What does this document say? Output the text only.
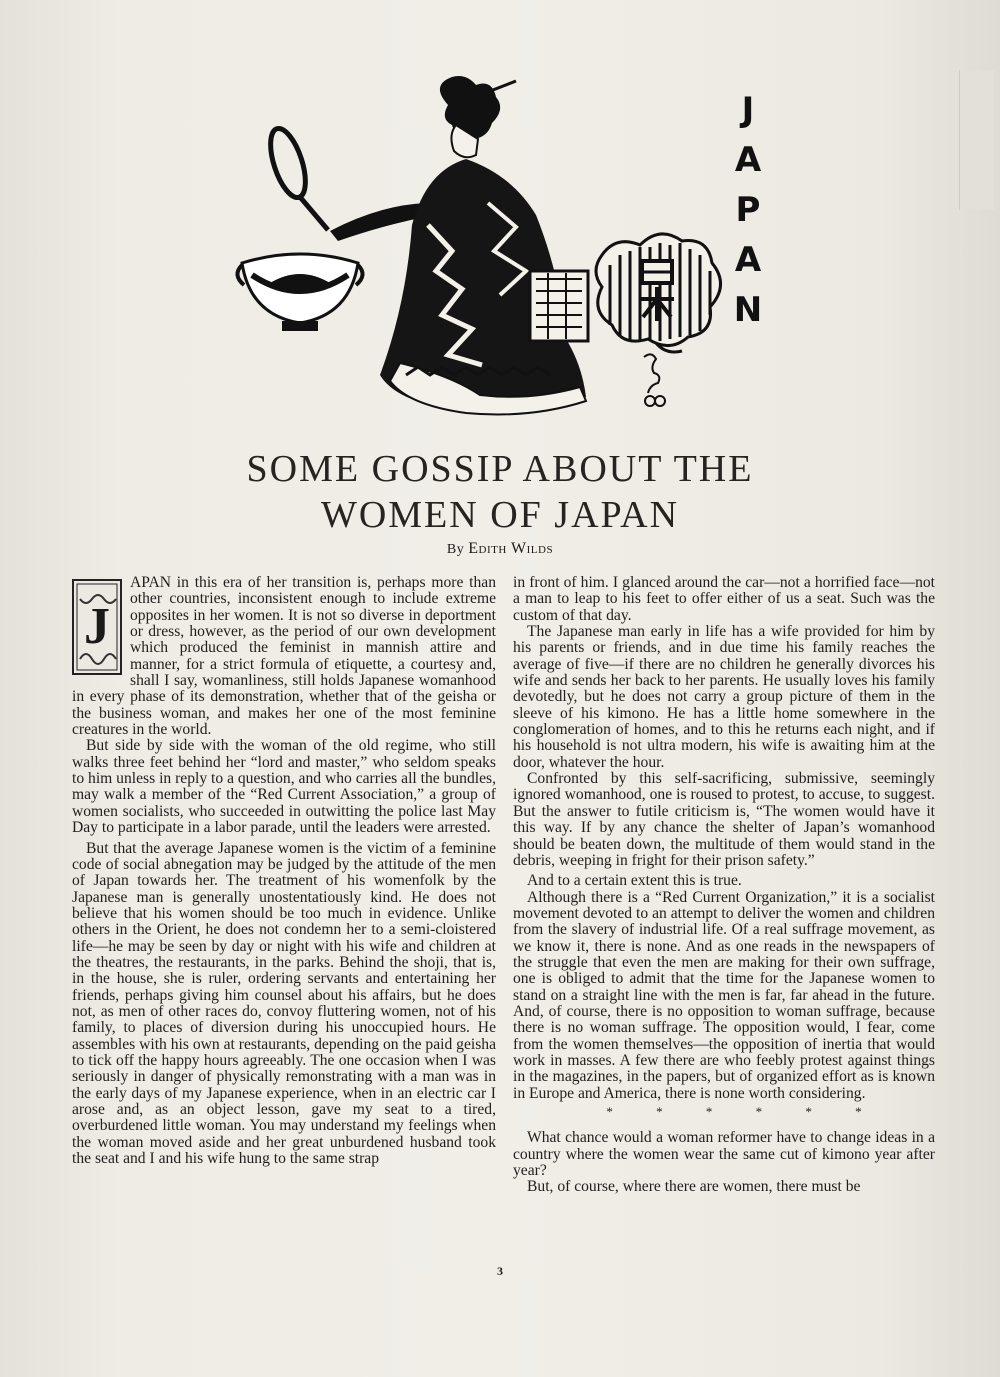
J
A
P
A
N
SOME GOSSIP ABOUT THE
WOMEN OF JAPAN
By Edith Wilds
J

APAN in this era of her transition is, perhaps more than other countries, inconsistent enough to include extreme opposites in her women. It is not so diverse in deportment or dress, however, as the period of our own development which produced the feminist in mannish attire and manner, for a strict formula of etiquette, a courtesy and, shall I say, womanliness, still holds Japanese womanhood in every phase of its demonstration, whether that of the geisha or the business woman, and makes her one of the most feminine creatures in the world.

But side by side with the woman of the old regime, who still walks three feet behind her “lord and master,” who seldom speaks to him unless in reply to a question, and who carries all the bundles, may walk a member of the “Red Current Association,” a group of women socialists, who succeeded in outwitting the police last May Day to participate in a labor parade, until the leaders were arrested.

But that the average Japanese women is the victim of a feminine code of social abnegation may be judged by the attitude of the men of Japan towards her. The treatment of his womenfolk by the Japanese man is generally unostentatiously kind. He does not believe that his women should be too much in evidence. Unlike others in the Orient, he does not condemn her to a semi-cloistered life—he may be seen by day or night with his wife and children at the theatres, the restaurants, in the parks. Behind the shoji, that is, in the house, she is ruler, ordering servants and entertaining her friends, perhaps giving him counsel about his affairs, but he does not, as men of other races do, convoy fluttering women, not of his family, to places of diversion during his unoccupied hours. He assembles with his own at restaurants, depending on the paid geisha to tick off the happy hours agreeably. The one occasion when I was seriously in danger of physically remonstrating with a man was in the early days of my Japanese experience, when in an electric car I arose and, as an object lesson, gave my seat to a tired, overburdened little woman. You may understand my feelings when the woman moved aside and her great unburdened husband took the seat and I and his wife hung to the same strap

in front of him. I glanced around the car—not a horrified face—not a man to leap to his feet to offer either of us a seat. Such was the custom of that day.

The Japanese man early in life has a wife provided for him by his parents or friends, and in due time his family reaches the average of five—if there are no children he generally divorces his wife and sends her back to her parents. He usually loves his family devotedly, but he does not carry a group picture of them in the sleeve of his kimono. He has a little home somewhere in the conglomeration of homes, and to this he returns each night, and if his household is not ultra modern, his wife is awaiting him at the door, whatever the hour.

Confronted by this self-sacrificing, submissive, seemingly ignored womanhood, one is roused to protest, to accuse, to suggest. But the answer to futile criticism is, “The women would have it this way. If by any chance the shelter of Japan’s womanhood should be beaten down, the multitude of them would stand in the debris, weeping in fright for their prison safety.”

And to a certain extent this is true.

Although there is a “Red Current Organization,” it is a socialist movement devoted to an attempt to deliver the women and children from the slavery of industrial life. Of a real suffrage movement, as we know it, there is none. And as one reads in the newspapers of the struggle that even the men are making for their own suffrage, one is obliged to admit that the time for the Japanese women to stand on a straight line with the men is far, far ahead in the future. And, of course, there is no opposition to woman suffrage, because there is no woman suffrage. The opposition would, I fear, come from the women themselves—the opposition of inertia that would work in masses. A few there are who feebly protest against things in the magazines, in the papers, but of organized effort as is known in Europe and America, there is none worth considering.

* * * * * *

What chance would a woman reformer have to change ideas in a country where the women wear the same cut of kimono year after year?

But, of course, where there are women, there must be

3
